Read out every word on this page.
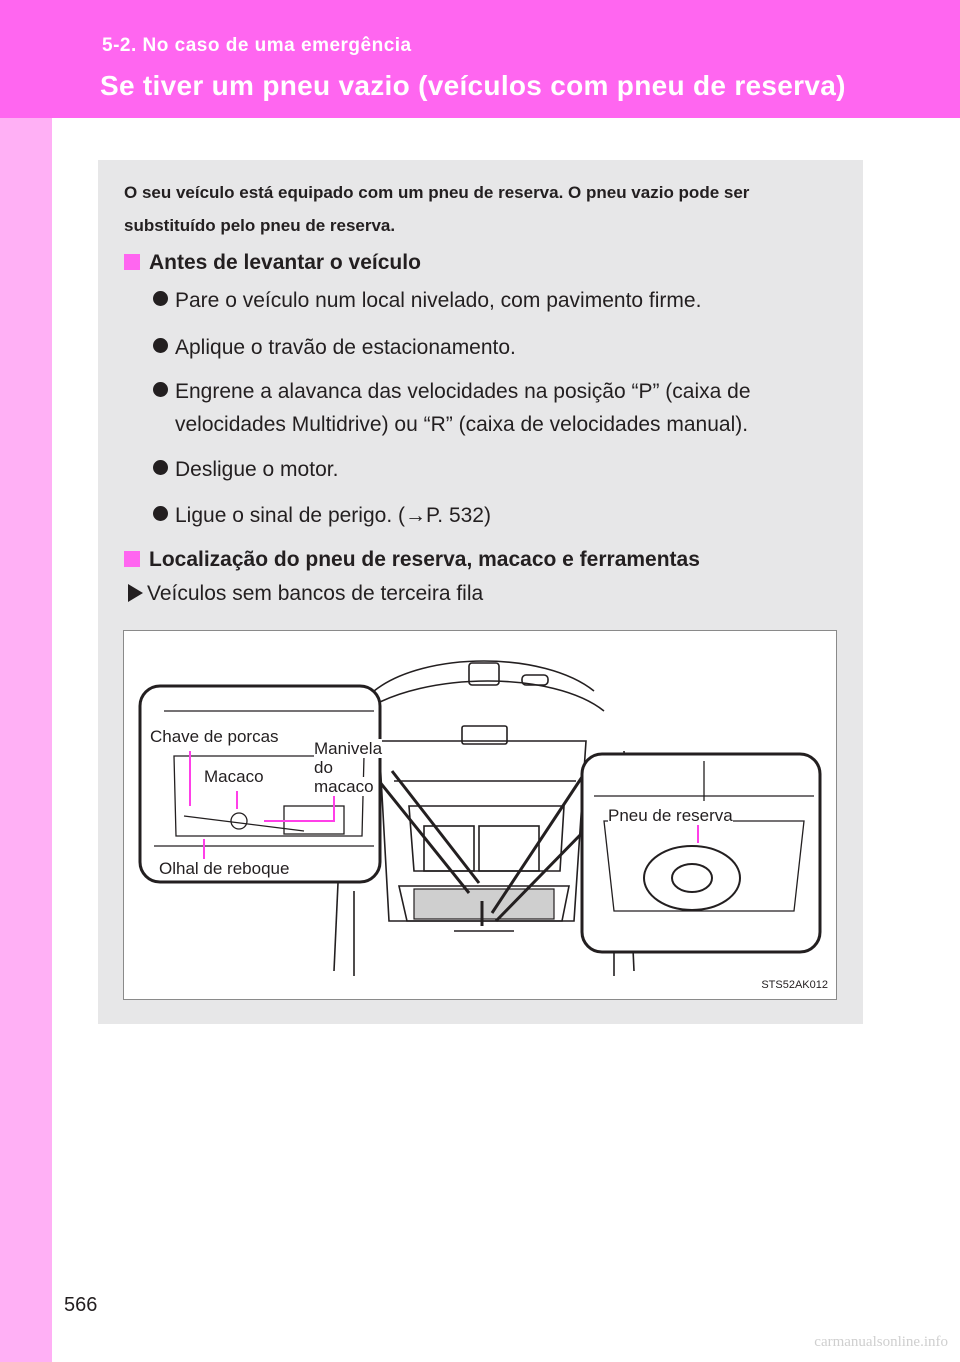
5-2. No caso de uma emergência
Se tiver um pneu vazio (veículos com pneu de reserva)
O seu veículo está equipado com um pneu de reserva. O pneu vazio pode ser substituído pelo pneu de reserva.
Antes de levantar o veículo
Pare o veículo num local nivelado, com pavimento firme.
Aplique o travão de estacionamento.
Engrene a alavanca das velocidades na posição “P” (caixa de
velocidades Multidrive) ou “R” (caixa de velocidades manual).
Desligue o motor.
Ligue o sinal de perigo. (→P. 532)
Localização do pneu de reserva, macaco e ferramentas
Veículos sem bancos de terceira fila
Chave de porcas
Macaco
Manivela
do
macaco
Olhal de reboque
Pneu de reserva
STS52AK012
566
carmanualsonline.info
